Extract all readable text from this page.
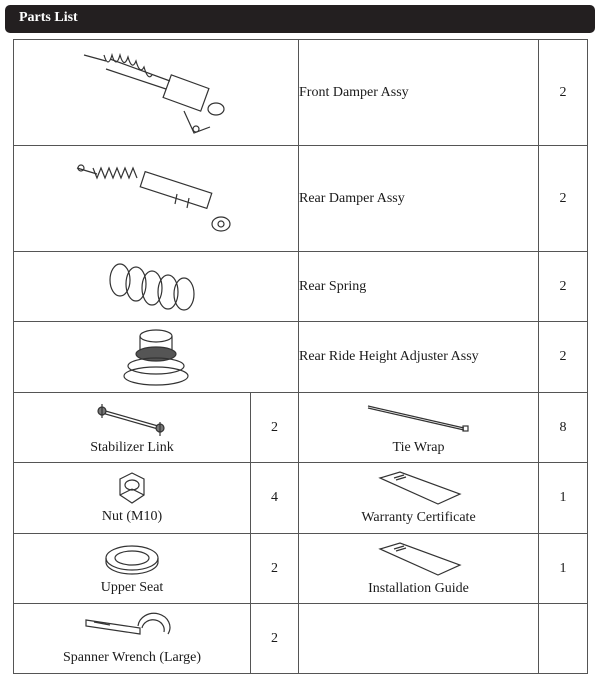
Parts List
	Front Damper Assy	2

	Rear Damper Assy	2

	Rear Spring	2

	Rear Ride Height Adjuster Assy	2

Stabilizer Link	2	Tie Wrap	8

Nut (M10)	4	Warranty Certificate	1

Upper Seat	2	Installation Guide	1

Spanner Wrench (Large)	2	
